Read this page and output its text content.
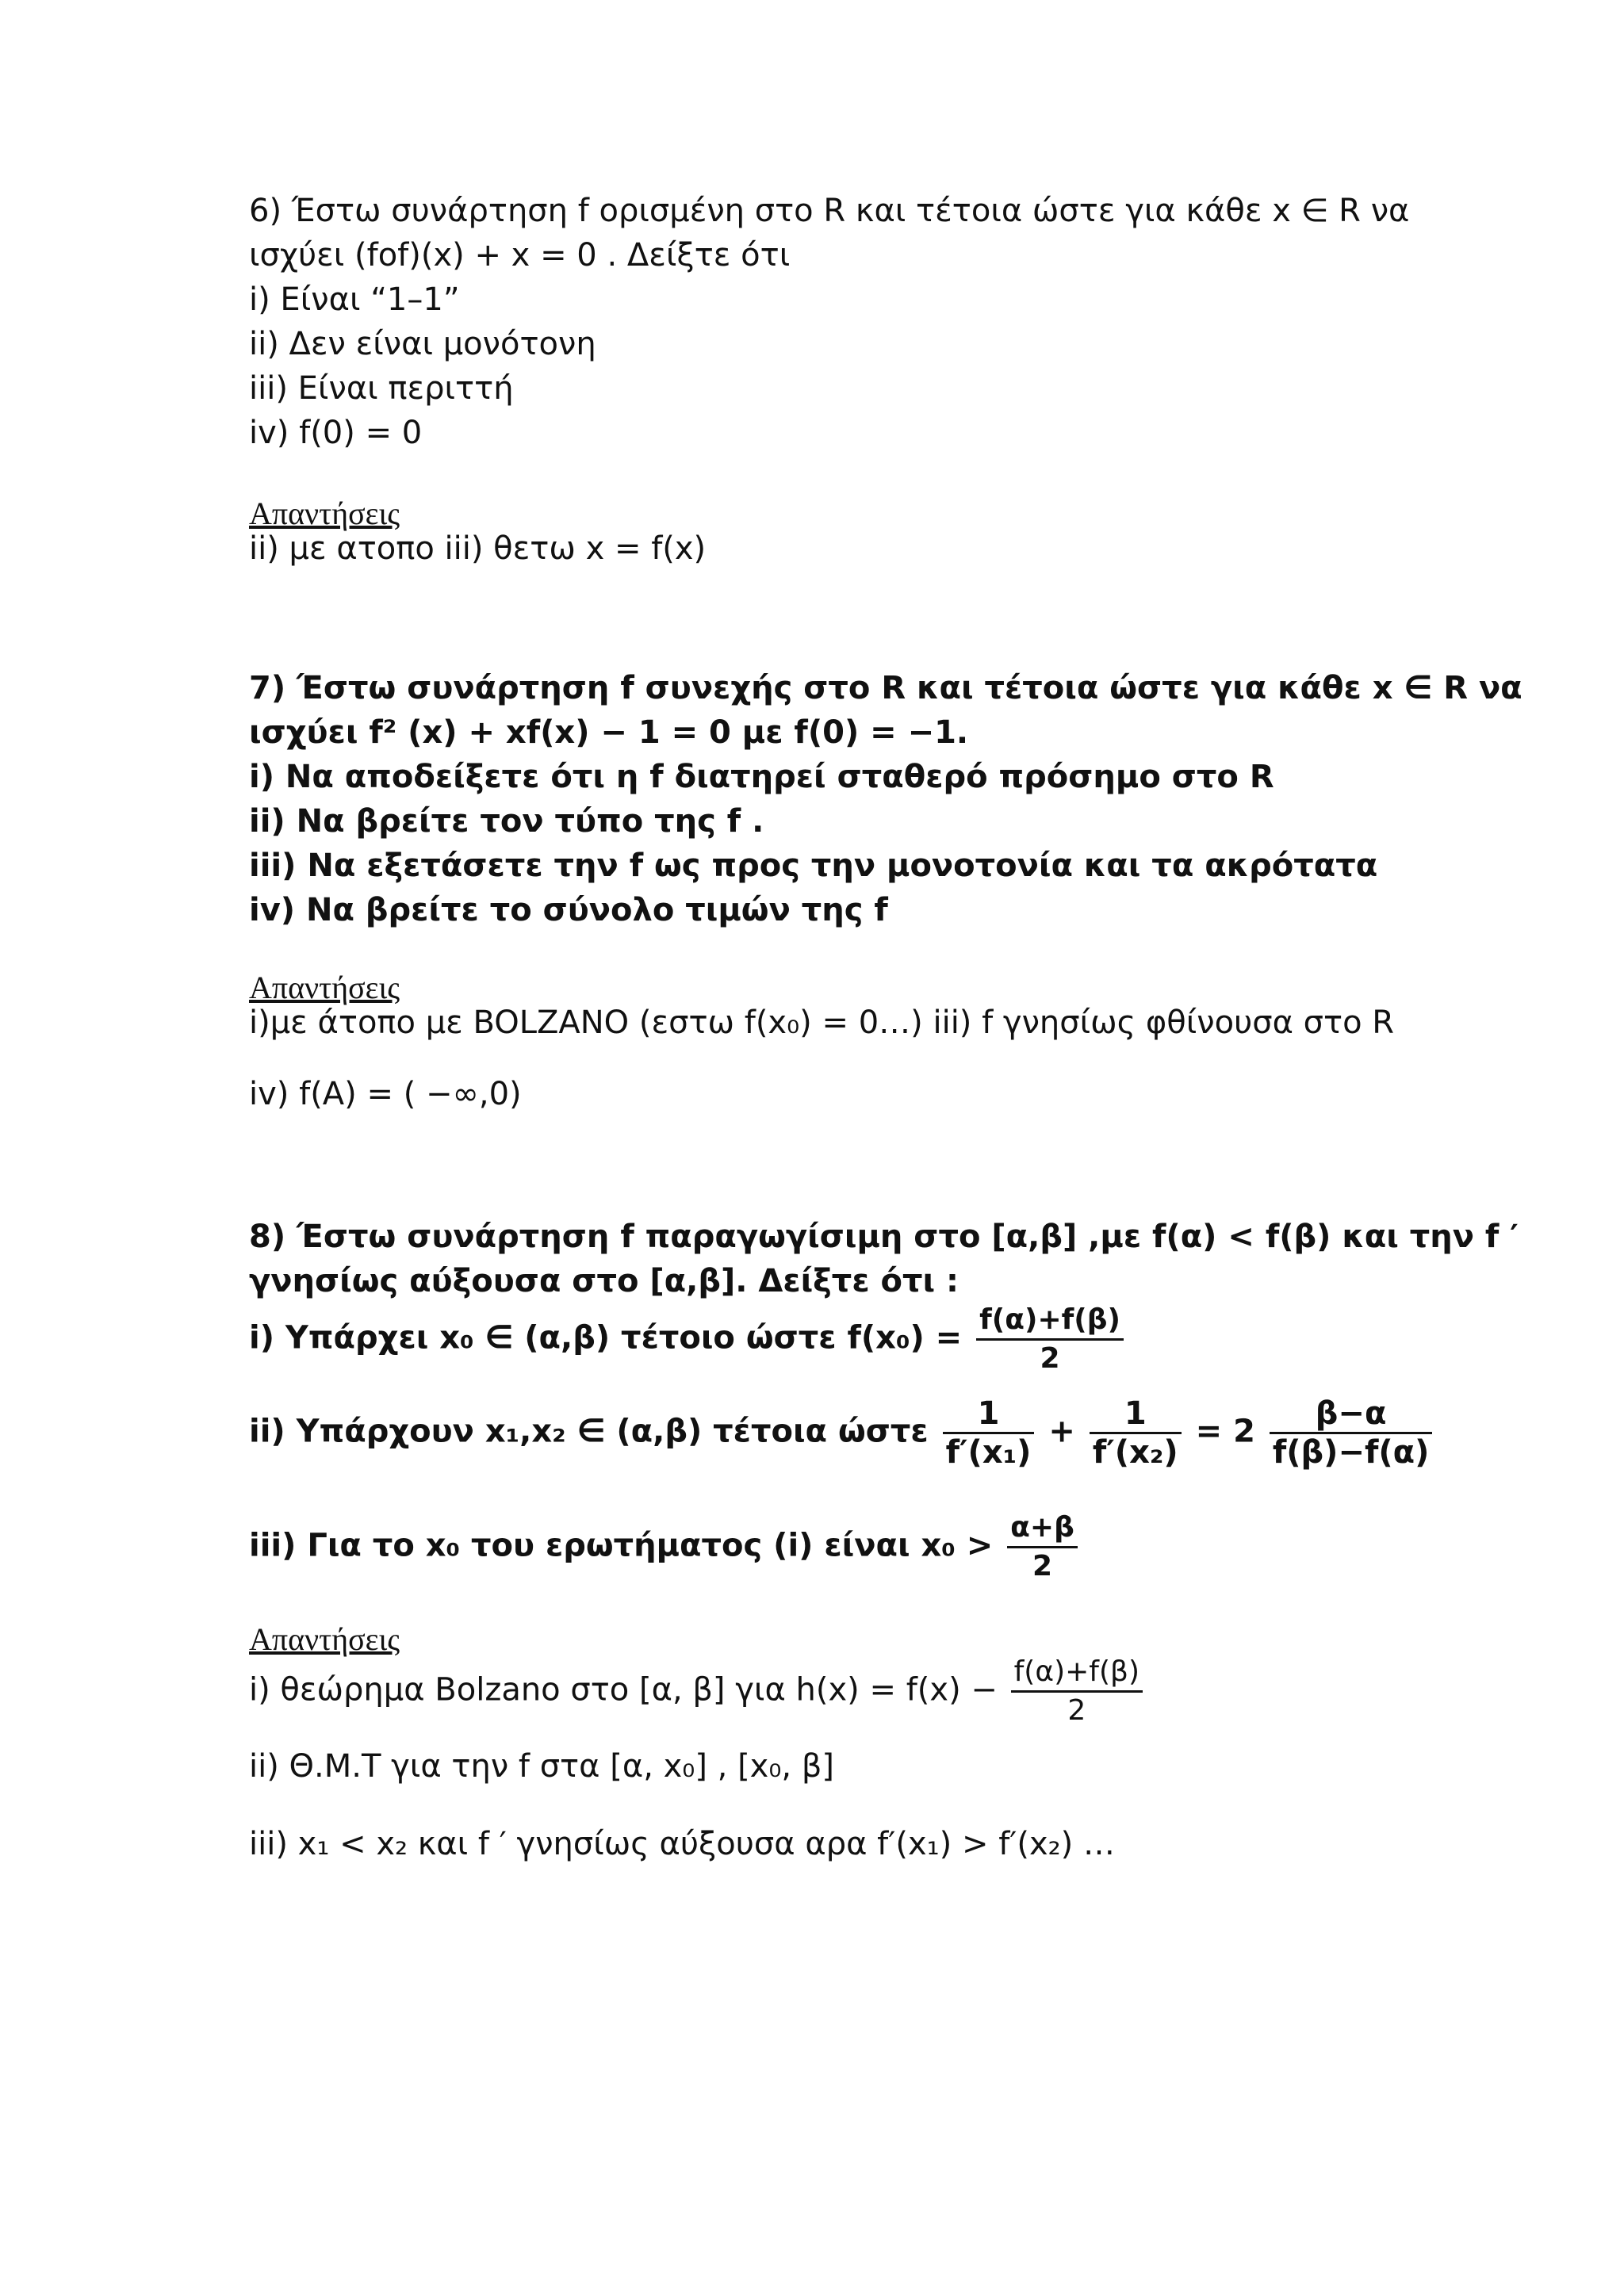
6) Έστω συνάρτηση f ορισμένη στο R και τέτοια ώστε για κάθε x ∈ R να
ισχύει (fof)(x) + x = 0 . Δείξτε ότι
i) Είναι “1–1”
ii) Δεν είναι μονότονη
iii) Είναι περιττή
iv) f(0) = 0
Απαντήσεις
ii) με ατοπο iii) θετω x = f(x)
7) Έστω συνάρτηση f συνεχής στο R και τέτοια ώστε για κάθε x ∈ R να
ισχύει f² (x) + xf(x) − 1 = 0 με f(0) = −1.
i) Να αποδείξετε ότι η f διατηρεί σταθερό πρόσημο στο R
ii) Να βρείτε τον τύπο της f .
iii) Να εξετάσετε την f ως προς την μονοτονία και τα ακρότατα
iv) Να βρείτε το σύνολο τιμών της f
Απαντήσεις
i)με άτοπο με BOLZANO (εστω f(x₀) = 0…) iii) f γνησίως φθίνουσα στο R
iv) f(A) = ( −∞,0)
8) Έστω συνάρτηση f παραγωγίσιμη στο [α,β] ,με f(α) < f(β) και την f ′
γνησίως αύξουσα στο [α,β]. Δείξτε ότι :
i) Υπάρχει x₀ ∈ (α,β) τέτοιο ώστε $f(x_0) = \frac{f(\alpha)+f(\beta)}{2}$
ii) Υπάρχουν x₁,x₂ ∈ (α,β) τέτοια ώστε $\frac{1}{\text{f′(x₁)}} + \frac{1}{\text{f′(x₂)}} = 2 \frac{\beta-\alpha}{f(\beta)-f(\alpha)}$
iii) Για το x₀ του ερωτήματος (i) είναι $x_0 > \frac{\alpha+\beta}{2}$
Απαντήσεις
i) θεώρημα Bolzano στο [α, β] για $h(x) = f(x) - \frac{f(\alpha)+f(\beta)}{2}$
ii) Θ.Μ.Τ για την f στα [α, x₀] , [x₀, β]
iii) x₁ < x₂ και f ′ γνησίως αύξουσα αρα f′(x₁) > f′(x₂) …
